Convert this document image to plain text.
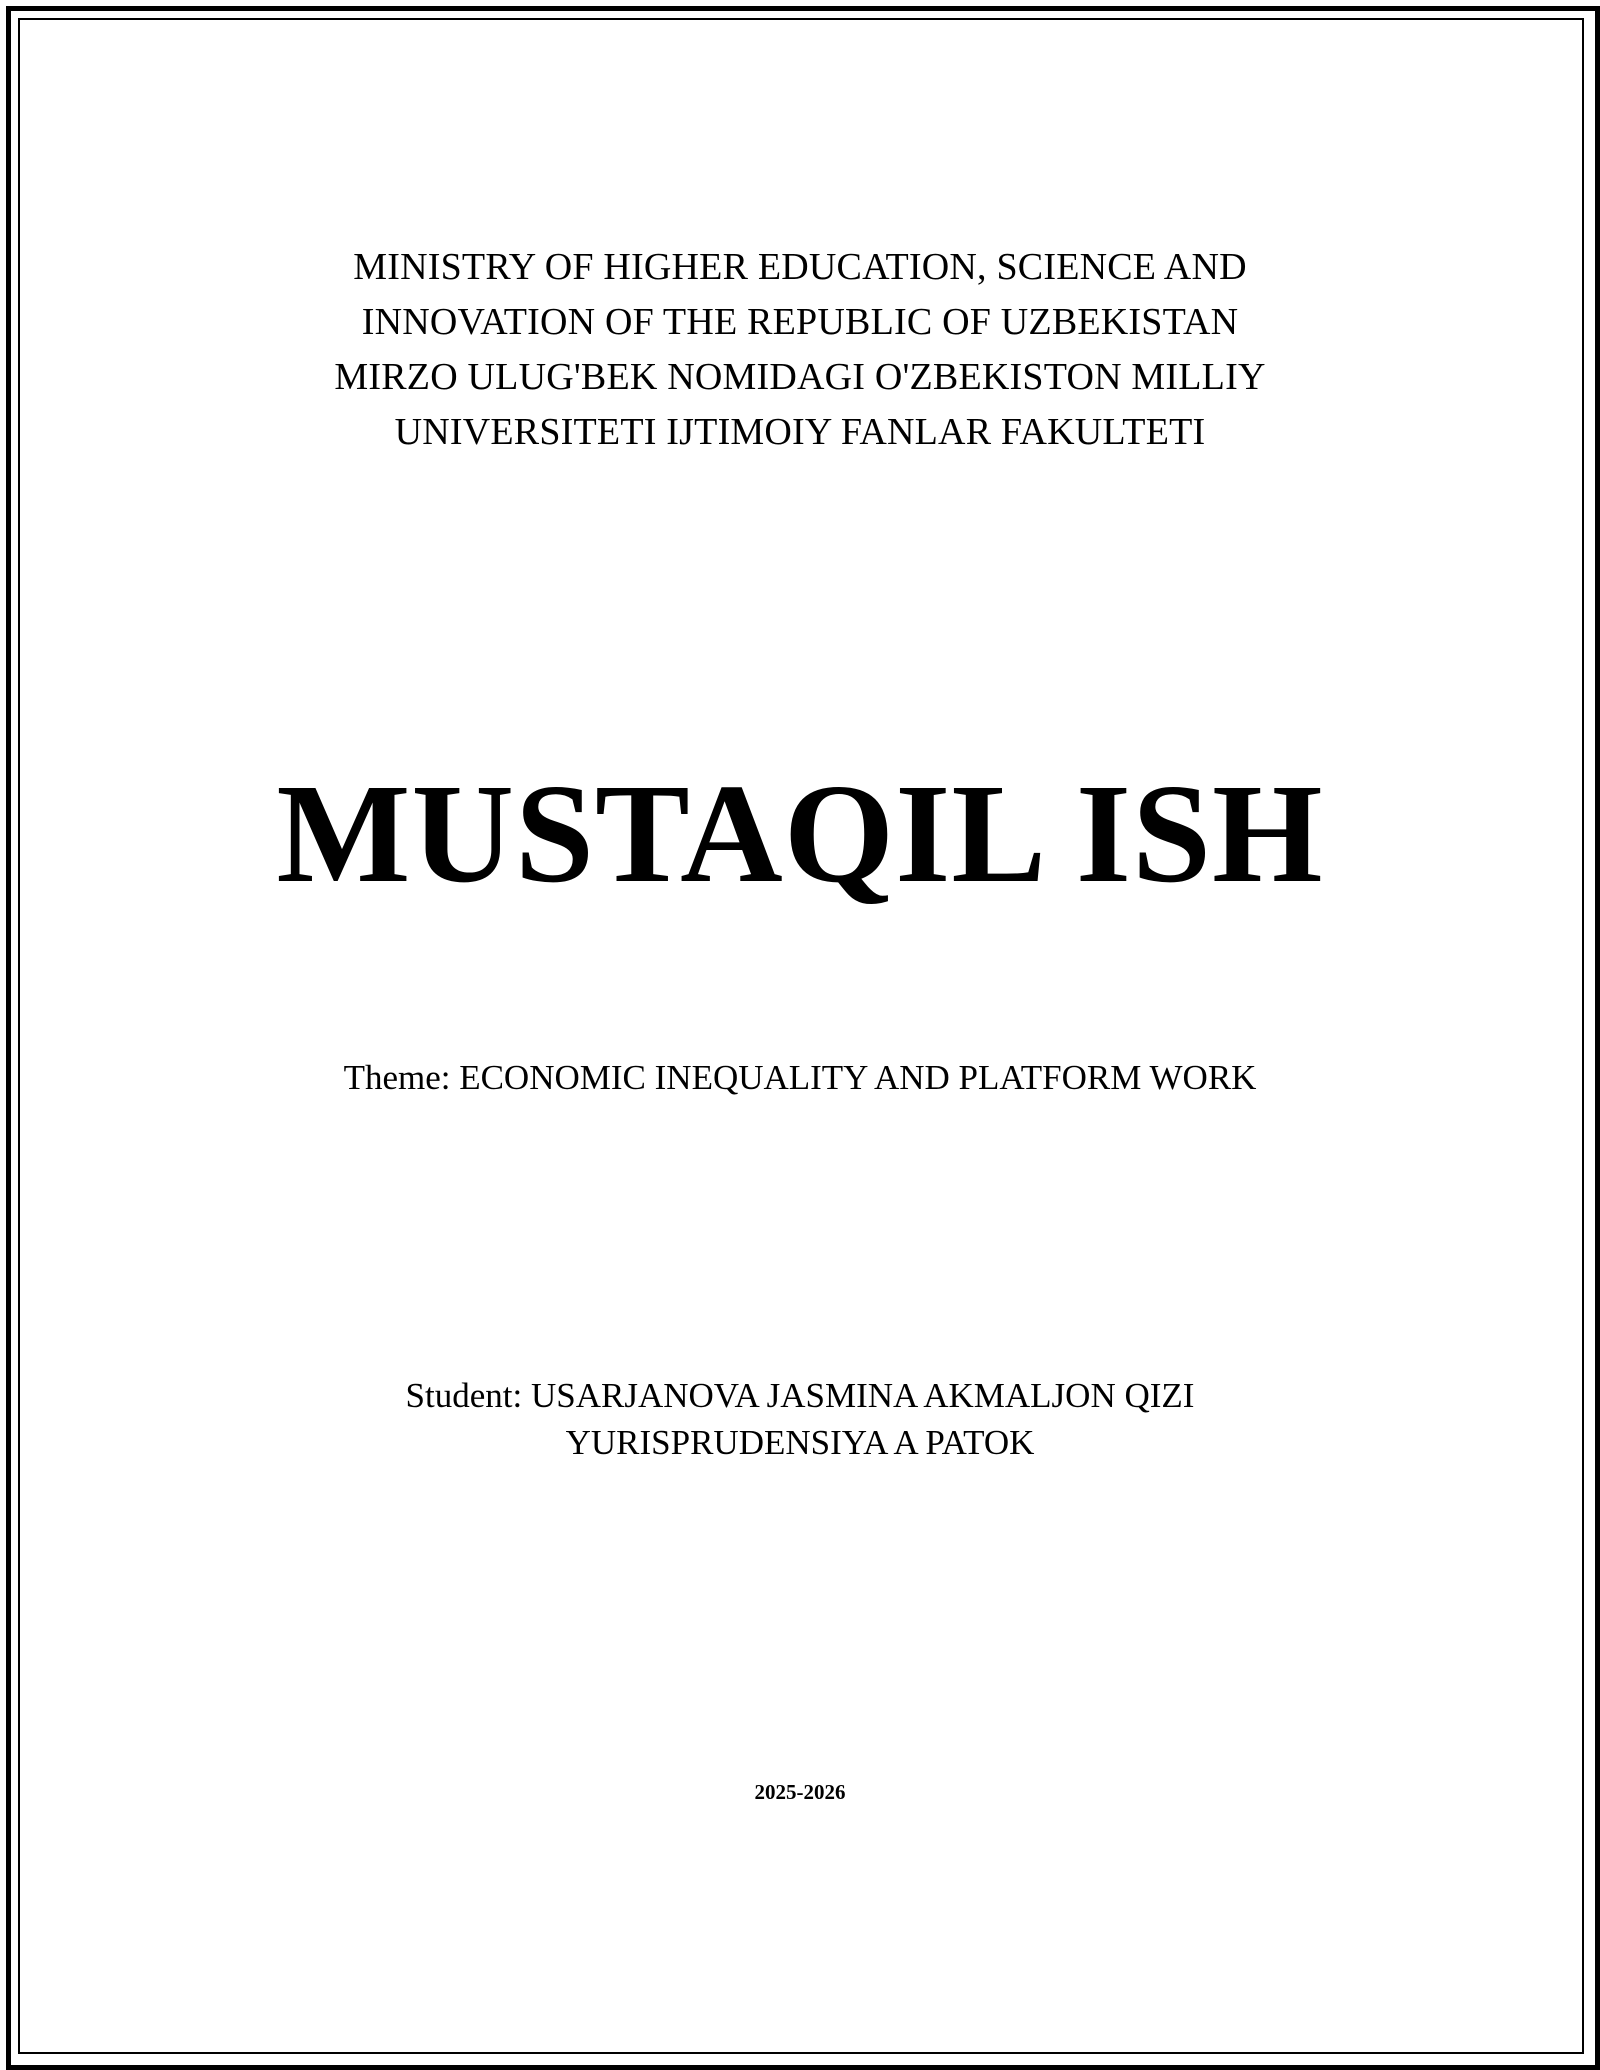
MINISTRY OF HIGHER EDUCATION, SCIENCE AND
INNOVATION OF THE REPUBLIC OF UZBEKISTAN
MIRZO ULUG'BEK NOMIDAGI O'ZBEKISTON MILLIY
UNIVERSITETI IJTIMOIY FANLAR FAKULTETI
MUSTAQIL ISH
Theme: ECONOMIC INEQUALITY AND PLATFORM WORK
Student: USARJANOVA JASMINA AKMALJON QIZI
YURISPRUDENSIYA A PATOK
2025-2026
